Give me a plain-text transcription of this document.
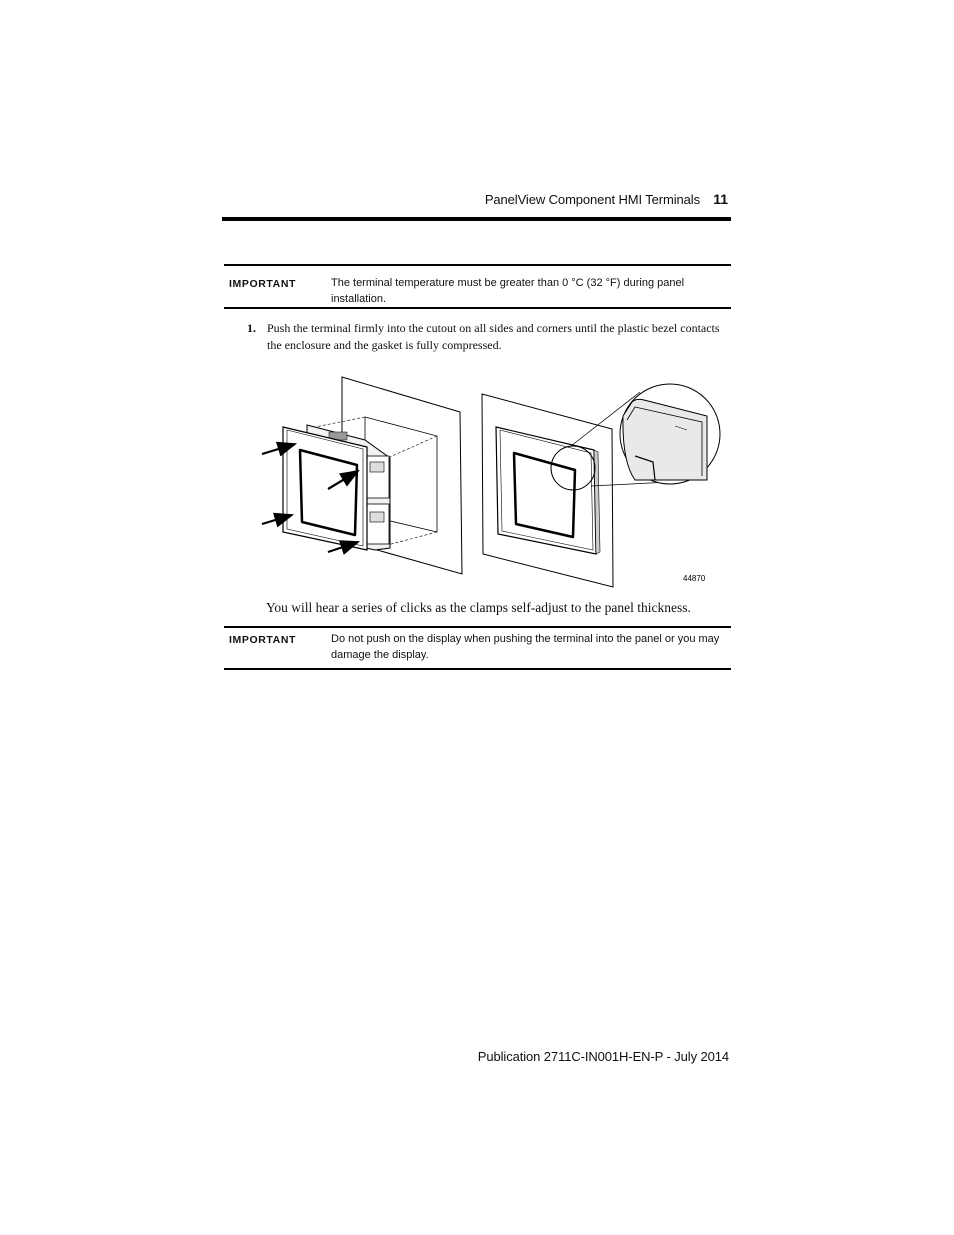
PanelView Component HMI Terminals 11
IMPORTANT	The terminal temperature must be greater than 0 °C (32 °F) during panel installation.
1. Push the terminal firmly into the cutout on all sides and corners until the plastic bezel contacts the enclosure and the gasket is fully compressed.
44870
You will hear a series of clicks as the clamps self-adjust to the panel thickness.
IMPORTANT	Do not push on the display when pushing the terminal into the panel or you may damage the display.
Publication 2711C-IN001H-EN-P - July 2014
